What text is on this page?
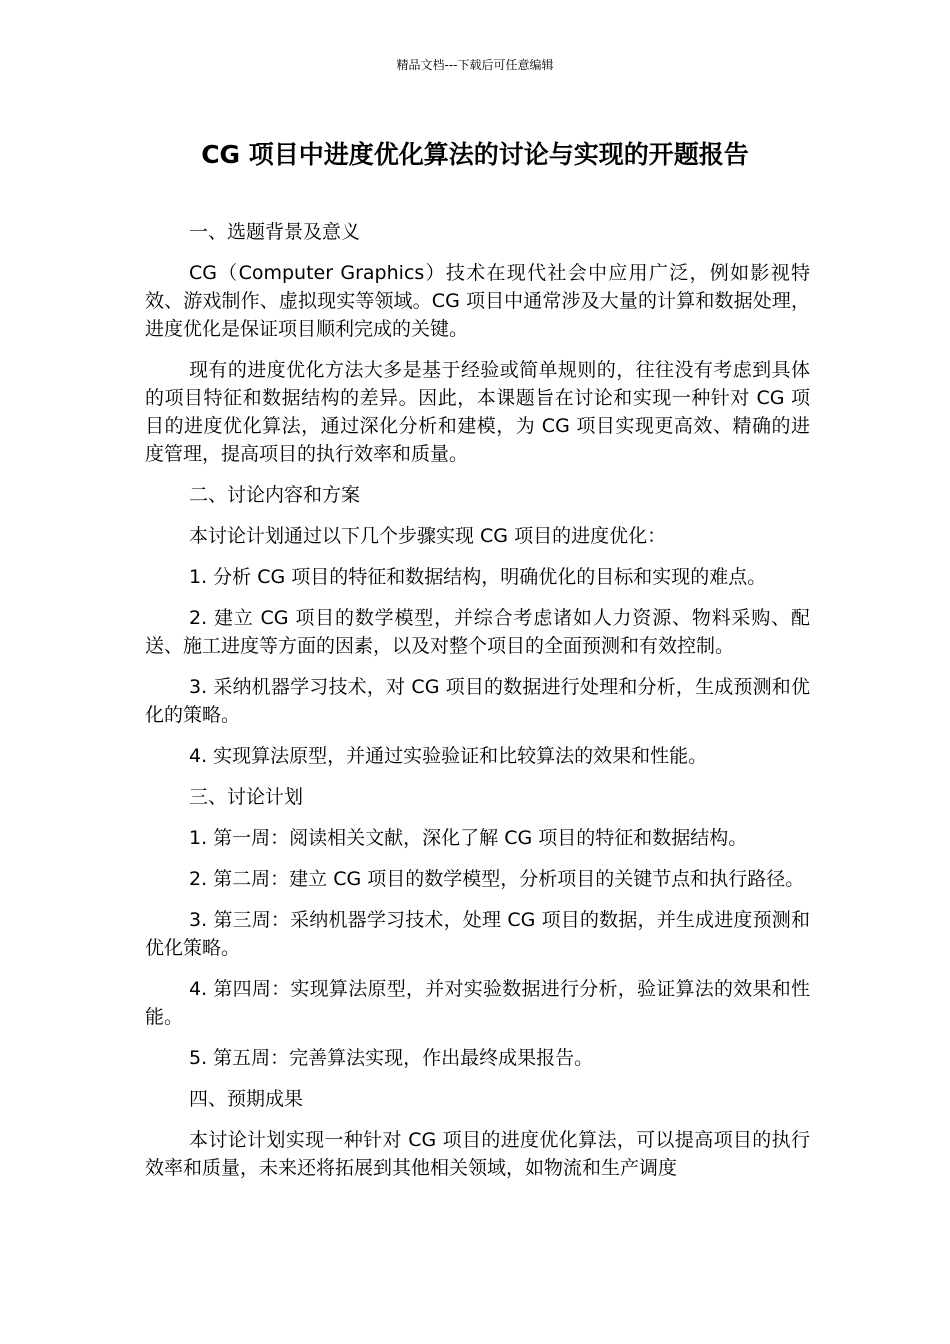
精品文档---下载后可任意编辑
CG 项目中进度优化算法的讨论与实现的开题报告

一、选题背景及意义

CG（Computer Graphics）技术在现代社会中应用广泛，例如影视特效、游戏制作、虚拟现实等领域。CG 项目中通常涉及大量的计算和数据处理，进度优化是保证项目顺利完成的关键。

现有的进度优化方法大多是基于经验或简单规则的，往往没有考虑到具体的项目特征和数据结构的差异。因此，本课题旨在讨论和实现一种针对 CG 项目的进度优化算法，通过深化分析和建模，为 CG 项目实现更高效、精确的进度管理，提高项目的执行效率和质量。

二、讨论内容和方案

本讨论计划通过以下几个步骤实现 CG 项目的进度优化：

1. 分析 CG 项目的特征和数据结构，明确优化的目标和实现的难点。

2. 建立 CG 项目的数学模型，并综合考虑诸如人力资源、物料采购、配送、施工进度等方面的因素，以及对整个项目的全面预测和有效控制。

3. 采纳机器学习技术，对 CG 项目的数据进行处理和分析，生成预测和优化的策略。

4. 实现算法原型，并通过实验验证和比较算法的效果和性能。

三、讨论计划

1. 第一周：阅读相关文献，深化了解 CG 项目的特征和数据结构。

2. 第二周：建立 CG 项目的数学模型，分析项目的关键节点和执行路径。

3. 第三周：采纳机器学习技术，处理 CG 项目的数据，并生成进度预测和优化策略。

4. 第四周：实现算法原型，并对实验数据进行分析，验证算法的效果和性能。

5. 第五周：完善算法实现，作出最终成果报告。

四、预期成果

本讨论计划实现一种针对 CG 项目的进度优化算法，可以提高项目的执行效率和质量，未来还将拓展到其他相关领域，如物流和生产调度
